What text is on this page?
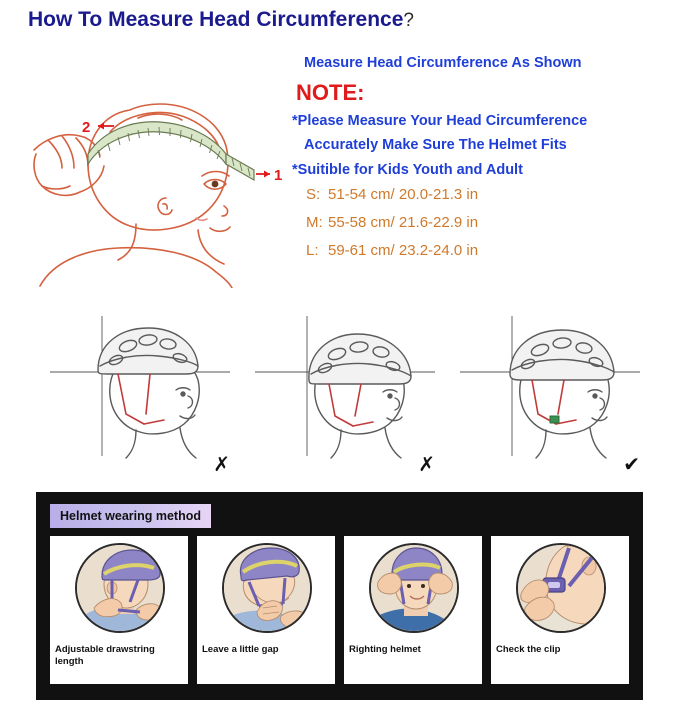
How To Measure Head Circumference?
1
2
Measure Head Circumference As Shown
NOTE:
*Please Measure Your Head Circumference
Accurately Make Sure The Helmet Fits
*Suitible for Kids Youth and Adult
S: 51-54 cm/ 20.0-21.3 in
M: 55-58 cm/ 21.6-22.9 in
L: 59-61 cm/ 23.2-24.0 in
✗	✗	✔
Helmet wearing method
Adjustable drawstring length
Leave a little gap	Righting helmet	Check the clip
